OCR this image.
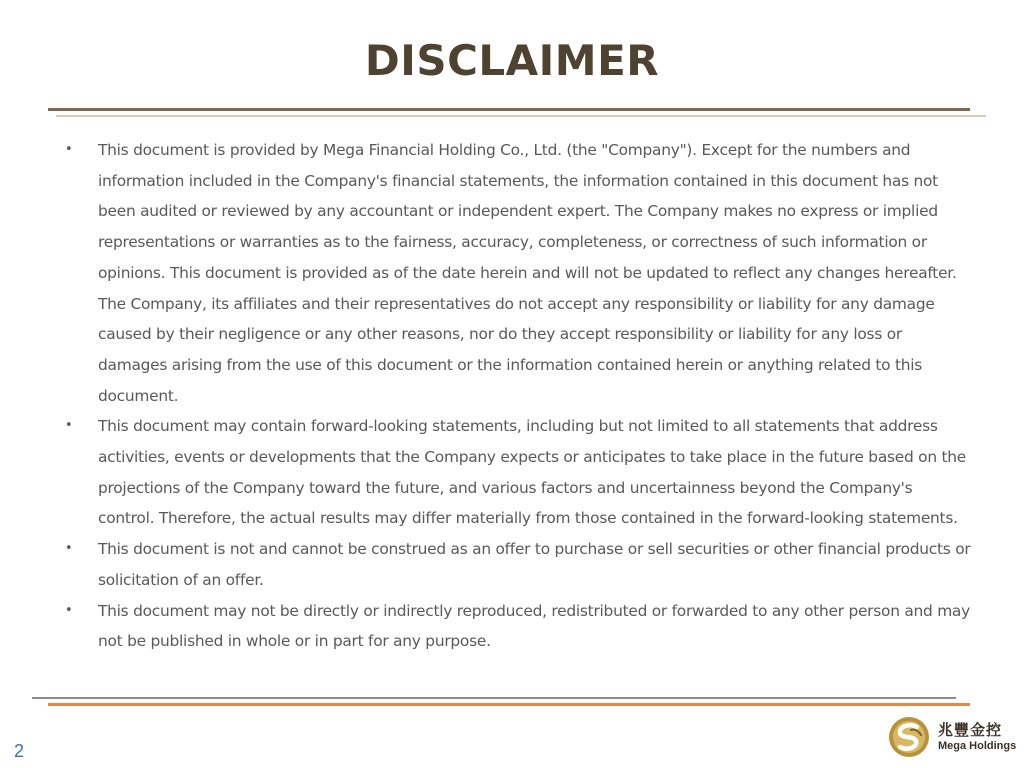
DISCLAIMER
• This document is provided by Mega Financial Holding Co., Ltd. (the "Company"). Except for the numbers and information included in the Company's financial statements, the information contained in this document has not been audited or reviewed by any accountant or independent expert. The Company makes no express or implied representations or warranties as to the fairness, accuracy, completeness, or correctness of such information or opinions. This document is provided as of the date herein and will not be updated to reflect any changes hereafter. The Company, its affiliates and their representatives do not accept any responsibility or liability for any damage caused by their negligence or any other reasons, nor do they accept responsibility or liability for any loss or damages arising from the use of this document or the information contained herein or anything related to this document.
• This document may contain forward-looking statements, including but not limited to all statements that address activities, events or developments that the Company expects or anticipates to take place in the future based on the projections of the Company toward the future, and various factors and uncertainness beyond the Company's control. Therefore, the actual results may differ materially from those contained in the forward-looking statements.
• This document is not and cannot be construed as an offer to purchase or sell securities or other financial products or solicitation of an offer.
• This document may not be directly or indirectly reproduced, redistributed or forwarded to any other person and may not be published in whole or in part for any purpose.
2
兆豐金控
Mega Holdings
